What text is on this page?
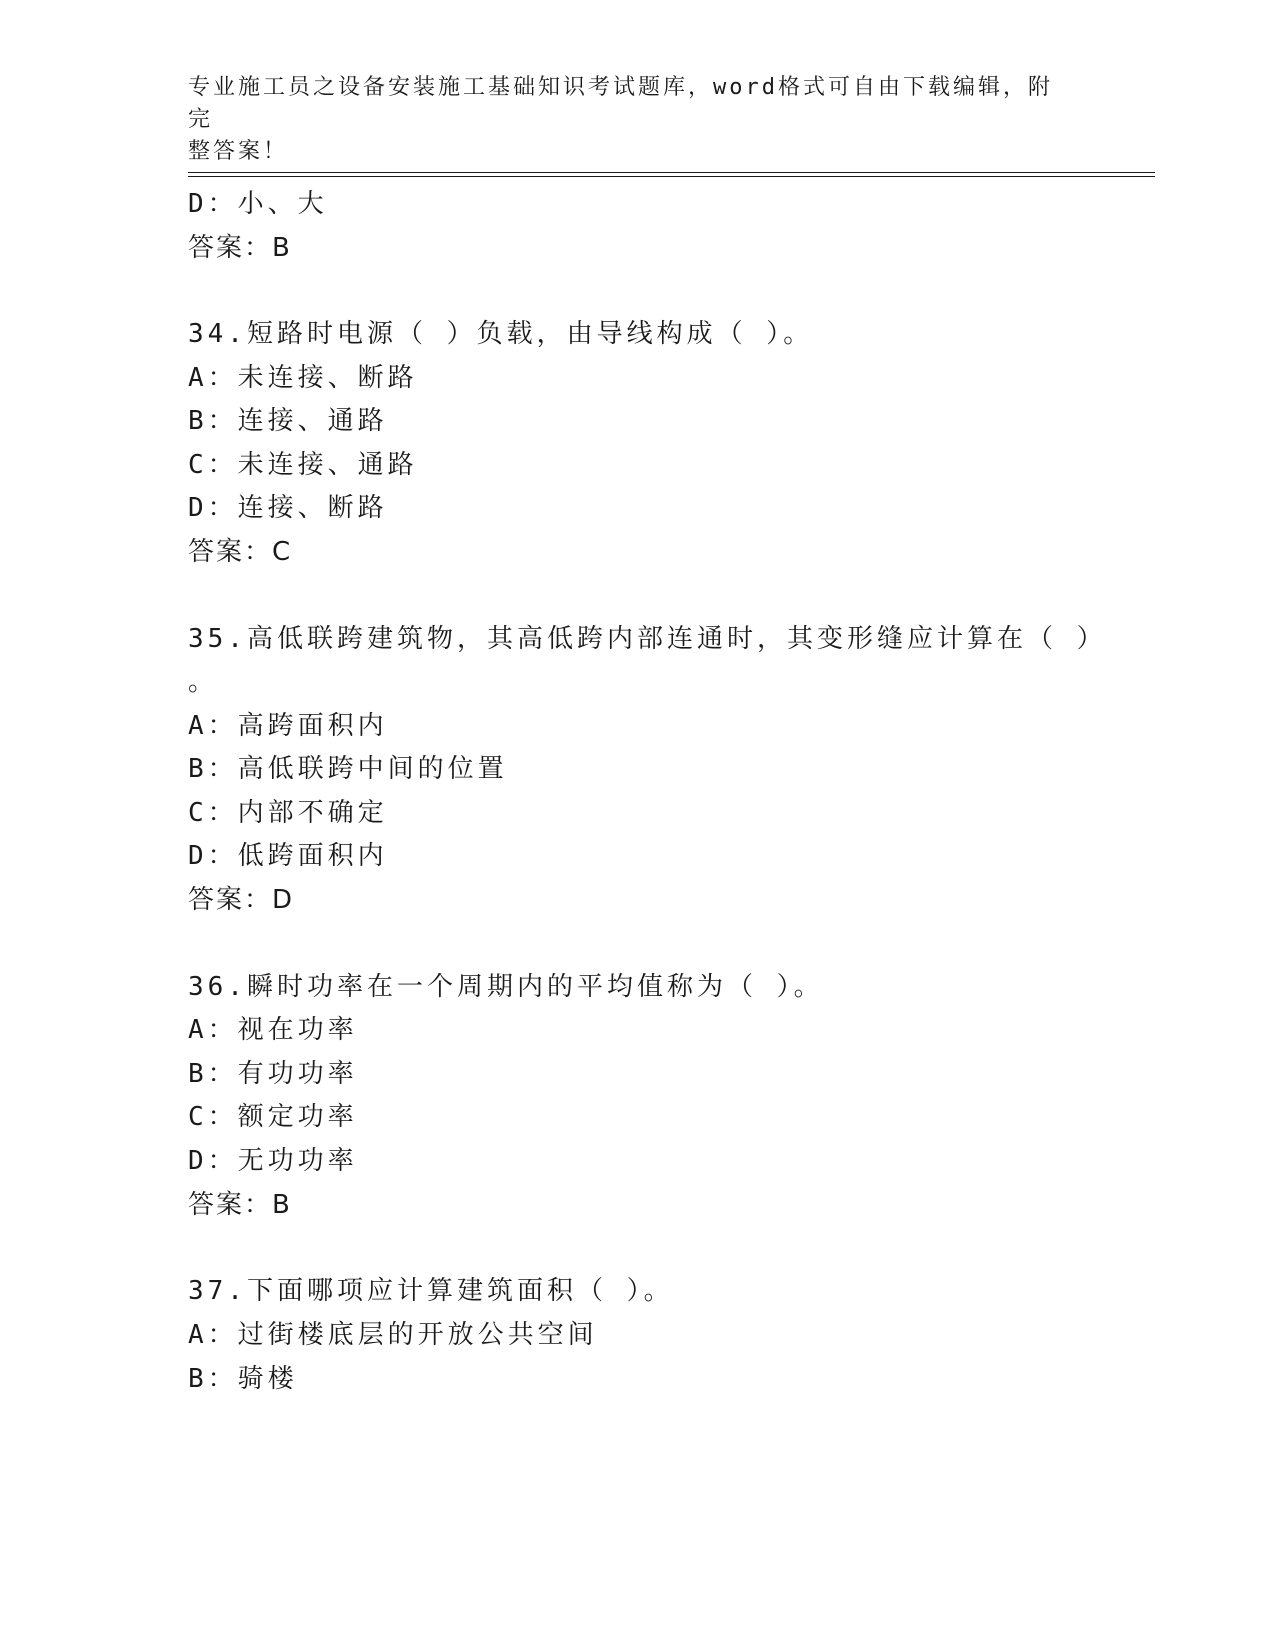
专业施工员之设备安装施工基础知识考试题库，word格式可自由下载编辑，附完
整答案！
D：小、大
答案：B
34.短路时电源（ ）负载，由导线构成（ ）。
A：未连接、断路
B：连接、通路
C：未连接、通路
D：连接、断路
答案：C
35.高低联跨建筑物，其高低跨内部连通时，其变形缝应计算在（ ）
。
A：高跨面积内
B：高低联跨中间的位置
C：内部不确定
D：低跨面积内
答案：D
36.瞬时功率在一个周期内的平均值称为（ ）。
A：视在功率
B：有功功率
C：额定功率
D：无功功率
答案：B
37.下面哪项应计算建筑面积（ ）。
A：过街楼底层的开放公共空间
B：骑楼
